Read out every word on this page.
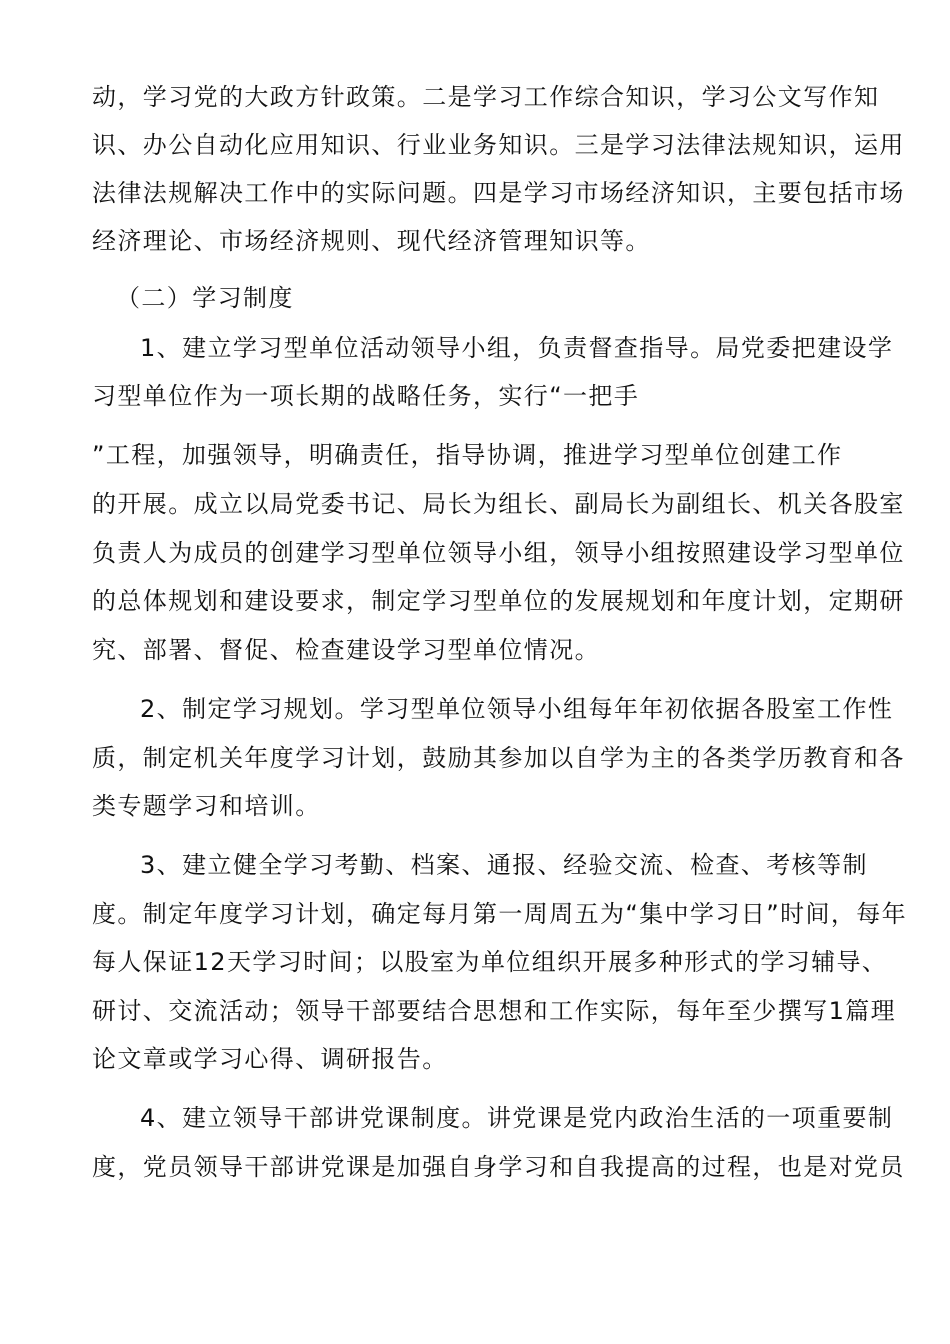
动，学习党的大政方针政策。二是学习工作综合知识，学习公文写作知
识、办公自动化应用知识、行业业务知识。三是学习法律法规知识，运用
法律法规解决工作中的实际问题。四是学习市场经济知识，主要包括市场
经济理论、市场经济规则、现代经济管理知识等。
（二）学习制度
1、建立学习型单位活动领导小组，负责督查指导。局党委把建设学
习型单位作为一项长期的战略任务，实行“一把手
”工程，加强领导，明确责任，指导协调，推进学习型单位创建工作
的开展。成立以局党委书记、局长为组长、副局长为副组长、机关各股室
负责人为成员的创建学习型单位领导小组，领导小组按照建设学习型单位
的总体规划和建设要求，制定学习型单位的发展规划和年度计划，定期研
究、部署、督促、检查建设学习型单位情况。
2、制定学习规划。学习型单位领导小组每年年初依据各股室工作性
质，制定机关年度学习计划，鼓励其参加以自学为主的各类学历教育和各
类专题学习和培训。
3、建立健全学习考勤、档案、通报、经验交流、检查、考核等制
度。制定年度学习计划，确定每月第一周周五为“集中学习日”时间，每年
每人保证12天学习时间；以股室为单位组织开展多种形式的学习辅导、
研讨、交流活动；领导干部要结合思想和工作实际，每年至少撰写1篇理
论文章或学习心得、调研报告。
4、建立领导干部讲党课制度。讲党课是党内政治生活的一项重要制
度，党员领导干部讲党课是加强自身学习和自我提高的过程，也是对党员
